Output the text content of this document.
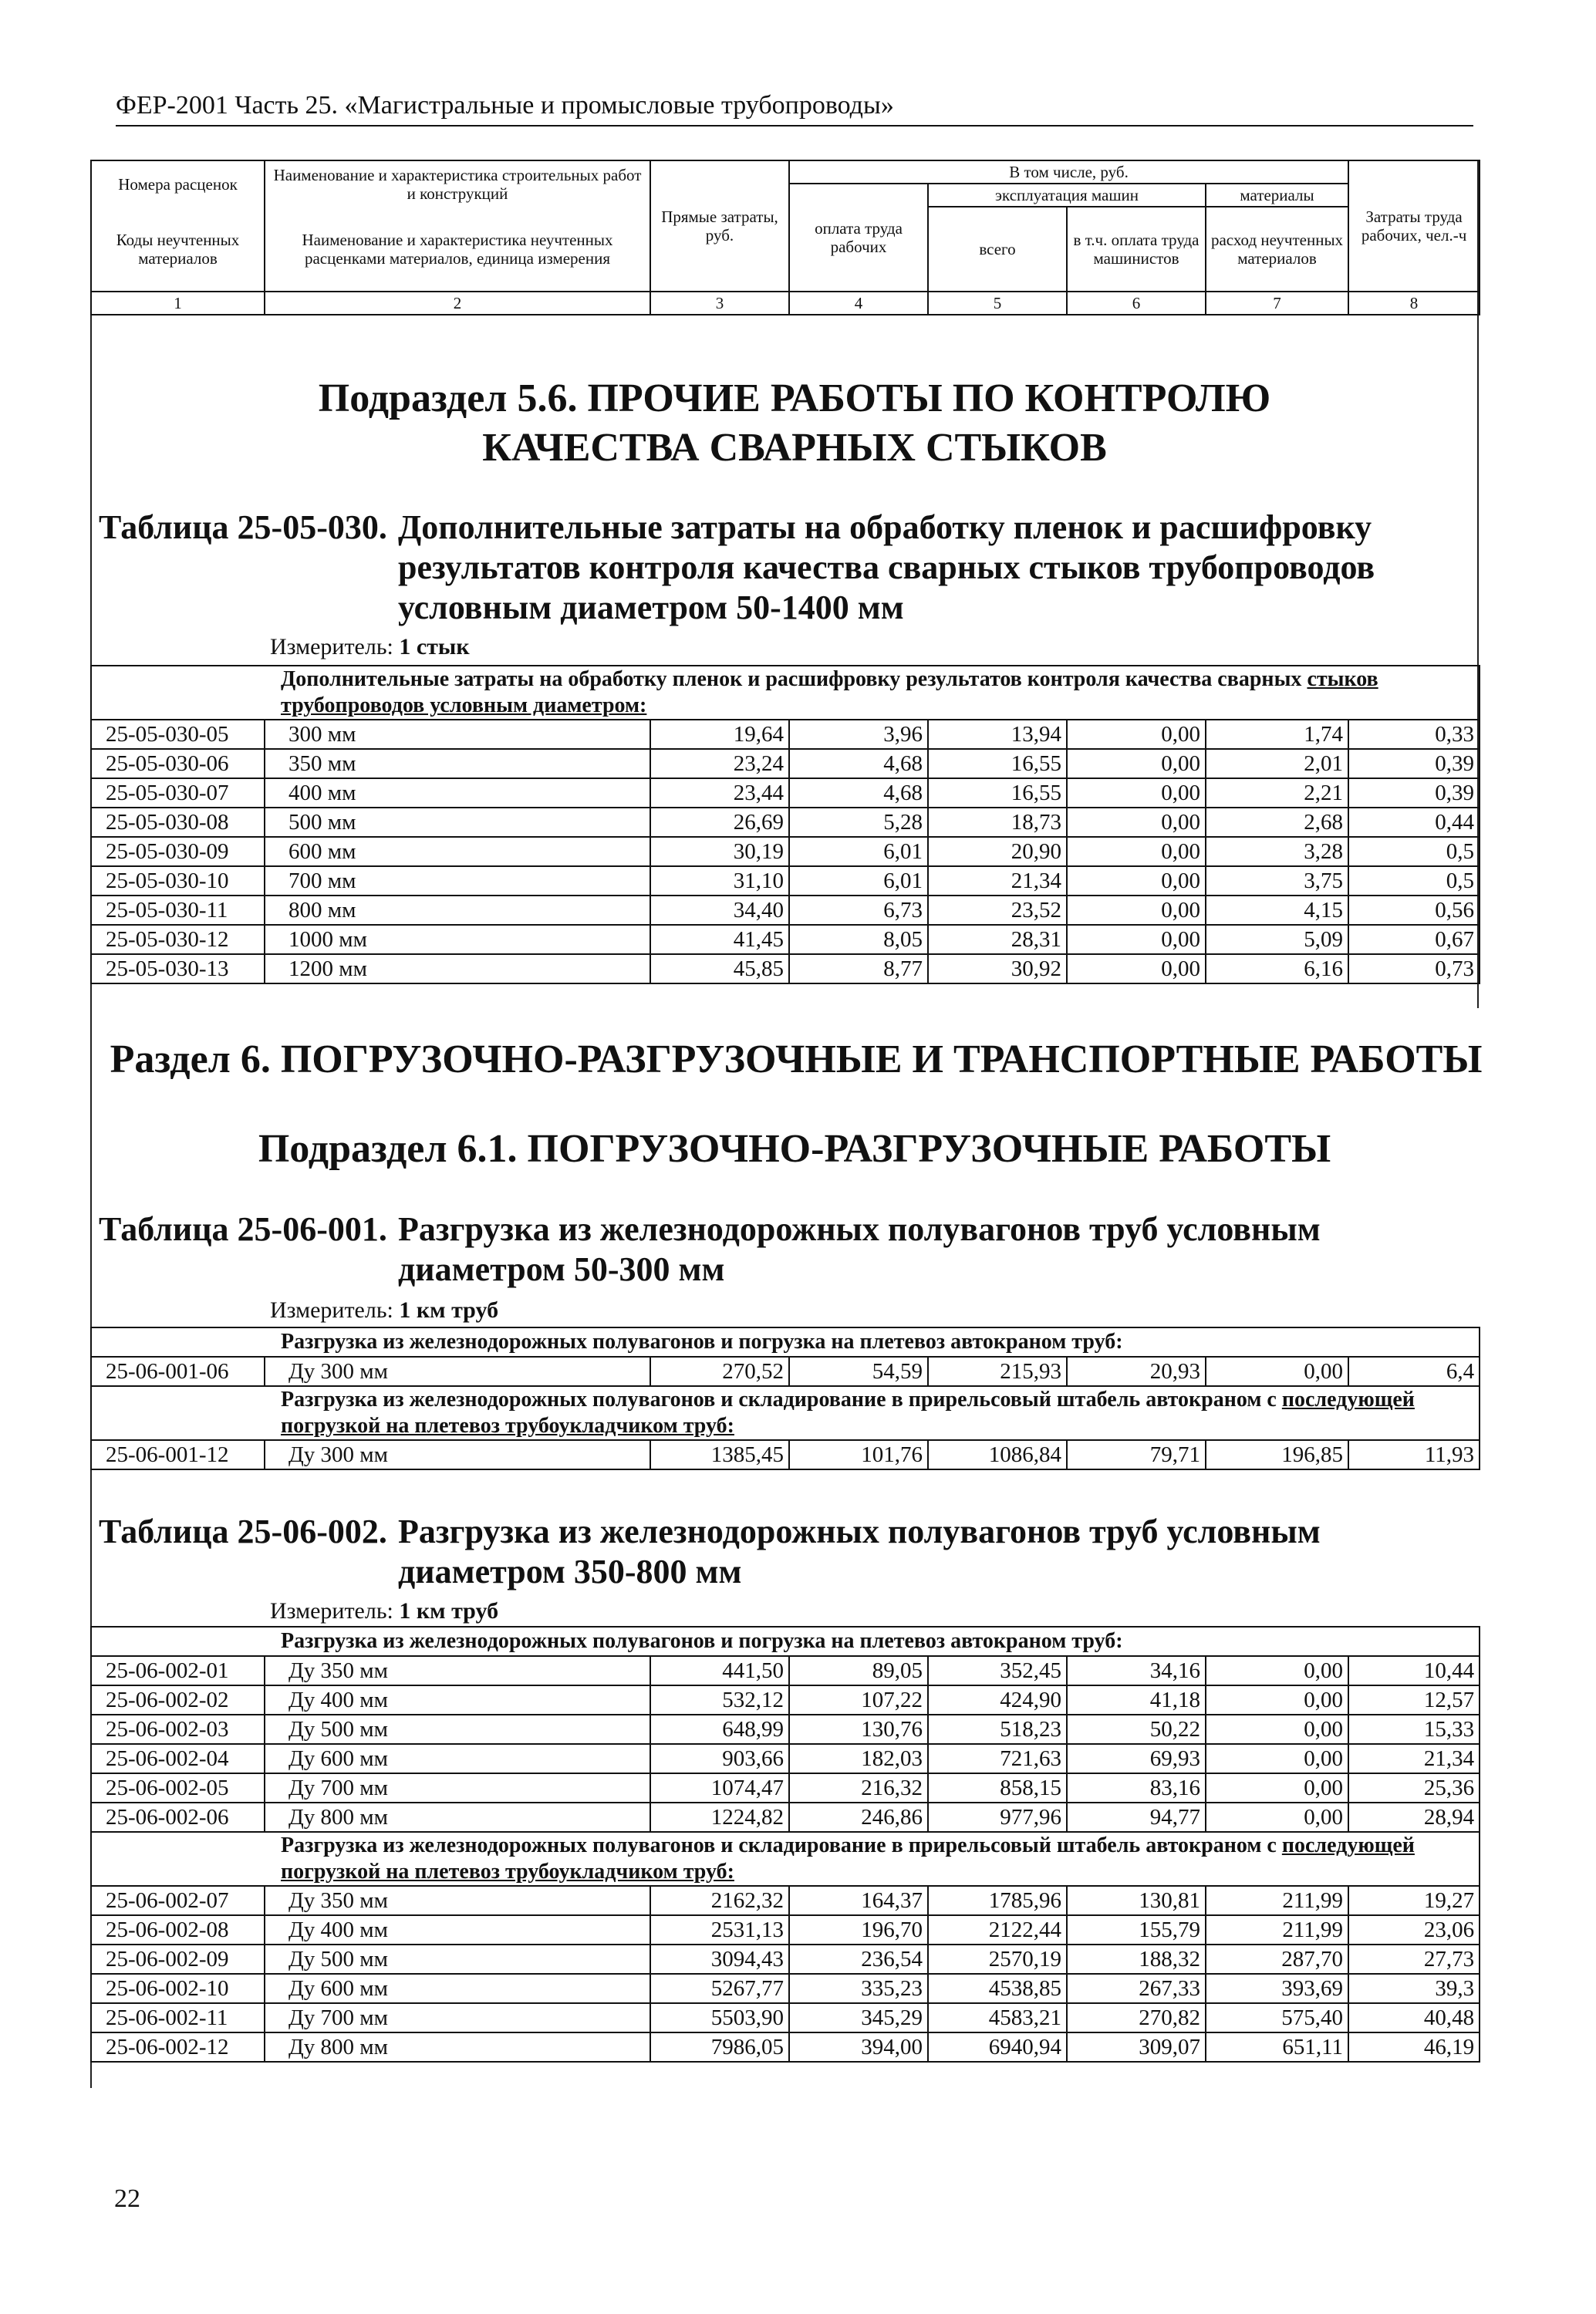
ФЕР-2001 Часть 25. «Магистральные и промысловые трубопроводы»
Номера расценок	Наименование и характеристика строительных работ и конструкций	Прямые затраты, руб.	В том числе, руб.				Затраты труда рабочих, чел.-ч
			оплата труда рабочих	эксплуатация машин		материалы	
Коды неучтенных материалов	Наименование и характеристика неучтенных расценками материалов, единица измерения			всего	в т.ч. оплата труда машинистов	расход неучтенных материалов	

1	2	3	4	5	6	7	8
Подраздел 5.6. ПРОЧИЕ РАБОТЫ ПО КОНТРОЛЮ КАЧЕСТВА СВАРНЫХ СТЫКОВ
Таблица 25-05-030. Дополнительные затраты на обработку пленок и расшифровку результатов контроля качества сварных стыков трубопроводов условным диаметром 50-1400 мм
Измеритель: 1 стык
Дополнительные затраты на обработку пленок и расшифровку результатов контроля качества сварных стыков трубопроводов условным диаметром:							
25-05-030-05	300 мм	19,64	3,96	13,94	0,00	1,74	0,33
25-05-030-06	350 мм	23,24	4,68	16,55	0,00	2,01	0,39
25-05-030-07	400 мм	23,44	4,68	16,55	0,00	2,21	0,39
25-05-030-08	500 мм	26,69	5,28	18,73	0,00	2,68	0,44
25-05-030-09	600 мм	30,19	6,01	20,90	0,00	3,28	0,5
25-05-030-10	700 мм	31,10	6,01	21,34	0,00	3,75	0,5
25-05-030-11	800 мм	34,40	6,73	23,52	0,00	4,15	0,56
25-05-030-12	1000 мм	41,45	8,05	28,31	0,00	5,09	0,67
25-05-030-13	1200 мм	45,85	8,77	30,92	0,00	6,16	0,73
Раздел 6. ПОГРУЗОЧНО-РАЗГРУЗОЧНЫЕ И ТРАНСПОРТНЫЕ РАБОТЫ
Подраздел 6.1. ПОГРУЗОЧНО-РАЗГРУЗОЧНЫЕ РАБОТЫ
Таблица 25-06-001. Разгрузка из железнодорожных полувагонов труб условным диаметром 50-300 мм
Измеритель: 1 км труб
Разгрузка из железнодорожных полувагонов и погрузка на плетевоз автокраном труб:							
25-06-001-06	Ду 300 мм	270,52	54,59	215,93	20,93	0,00	6,4
Разгрузка из железнодорожных полувагонов и складирование в прирельсовый штабель автокраном с последующей погрузкой на плетевоз трубоукладчиком труб:							
25-06-001-12	Ду 300 мм	1385,45	101,76	1086,84	79,71	196,85	11,93
Таблица 25-06-002. Разгрузка из железнодорожных полувагонов труб условным диаметром 350-800 мм
Измеритель: 1 км труб
Разгрузка из железнодорожных полувагонов и погрузка на плетевоз автокраном труб:							
25-06-002-01	Ду 350 мм	441,50	89,05	352,45	34,16	0,00	10,44
25-06-002-02	Ду 400 мм	532,12	107,22	424,90	41,18	0,00	12,57
25-06-002-03	Ду 500 мм	648,99	130,76	518,23	50,22	0,00	15,33
25-06-002-04	Ду 600 мм	903,66	182,03	721,63	69,93	0,00	21,34
25-06-002-05	Ду 700 мм	1074,47	216,32	858,15	83,16	0,00	25,36
25-06-002-06	Ду 800 мм	1224,82	246,86	977,96	94,77	0,00	28,94
Разгрузка из железнодорожных полувагонов и складирование в прирельсовый штабель автокраном с последующей погрузкой на плетевоз трубоукладчиком труб:							
25-06-002-07	Ду 350 мм	2162,32	164,37	1785,96	130,81	211,99	19,27
25-06-002-08	Ду 400 мм	2531,13	196,70	2122,44	155,79	211,99	23,06
25-06-002-09	Ду 500 мм	3094,43	236,54	2570,19	188,32	287,70	27,73
25-06-002-10	Ду 600 мм	5267,77	335,23	4538,85	267,33	393,69	39,3
25-06-002-11	Ду 700 мм	5503,90	345,29	4583,21	270,82	575,40	40,48
25-06-002-12	Ду 800 мм	7986,05	394,00	6940,94	309,07	651,11	46,19
22
